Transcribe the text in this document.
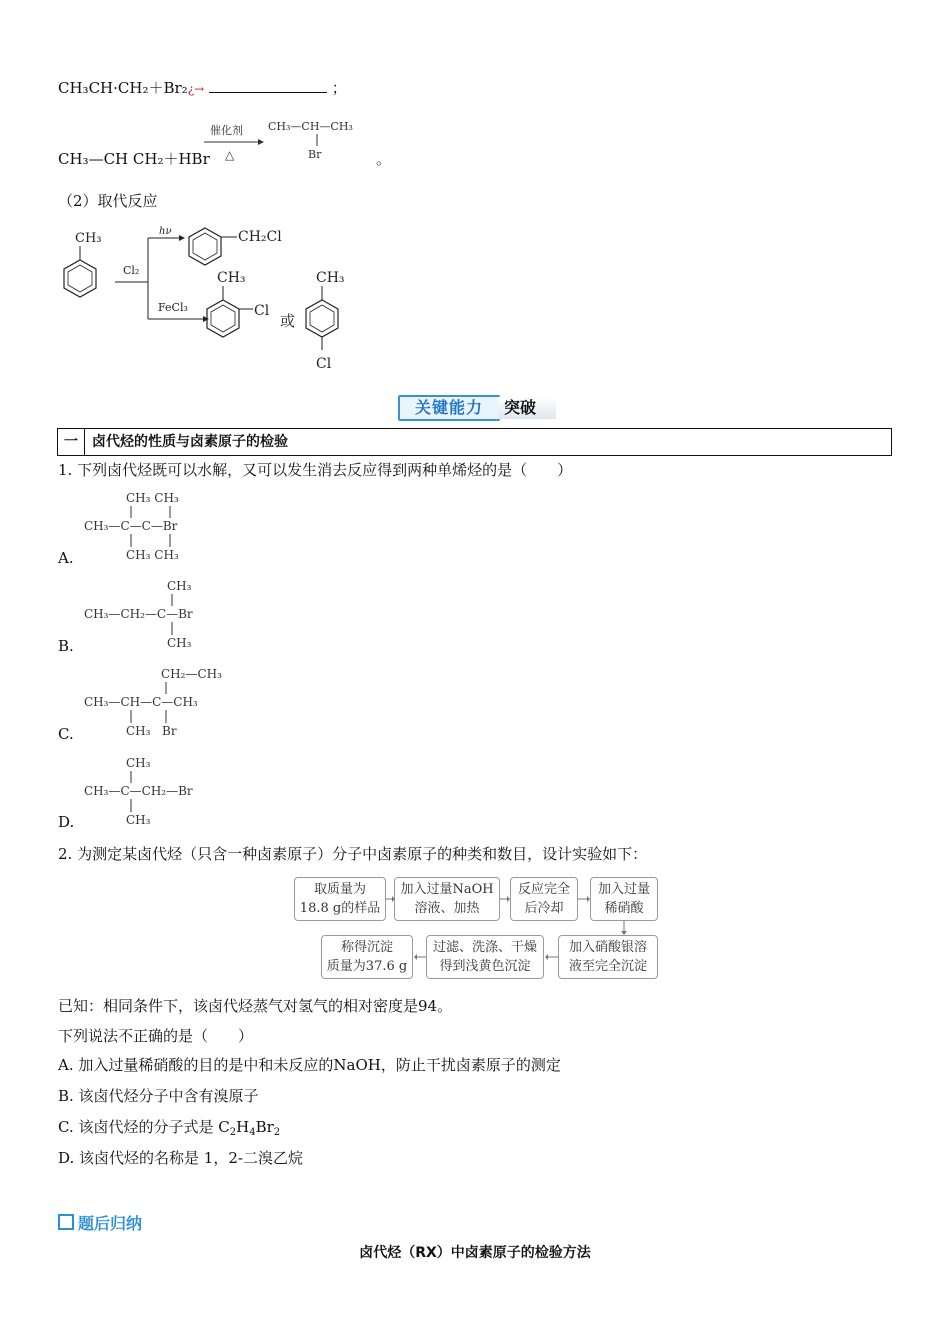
CH₃CH·CH₂＋Br₂¿→	；
CH₃—CH CH₂＋HBr
催化剂
△
CH₃—CH—CH₃
Br	。
（2）取代反应
CH₃
Cl₂
hν
FeCl₃
CH₂Cl
CH₃
Cl
或
CH₃
Cl
关键能力	突破
一	卤代烃的性质与卤素原子的检验
1. 下列卤代烃既可以水解，又可以发生消去反应得到两种单烯烃的是（　　）
A.
CH₃ CH₃
CH₃—C—C—Br
CH₃ CH₃
B.
CH₃
CH₃—CH₂—C—Br
CH₃
C.
CH₂—CH₃
CH₃—CH—C—CH₃
CH₃ Br
D.
CH₃
CH₃—C—CH₂—Br
CH₃
2. 为测定某卤代烃（只含一种卤素原子）分子中卤素原子的种类和数目，设计实验如下：
取质量为
18.8 g的样品
加入过量NaOH
溶液、加热
反应完全
后冷却
加入过量
稀硝酸
加入硝酸银溶
液至完全沉淀
过滤、洗涤、干燥
得到浅黄色沉淀
称得沉淀
质量为37.6 g
已知：相同条件下，该卤代烃蒸气对氢气的相对密度是94。
下列说法不正确的是（　　）
A. 加入过量稀硝酸的目的是中和未反应的NaOH，防止干扰卤素原子的测定
B. 该卤代烃分子中含有溴原子
C. 该卤代烃的分子式是 $C_2H_4Br_2$
D. 该卤代烃的名称是 1，2-二溴乙烷
题后归纳
卤代烃（RX）中卤素原子的检验方法
